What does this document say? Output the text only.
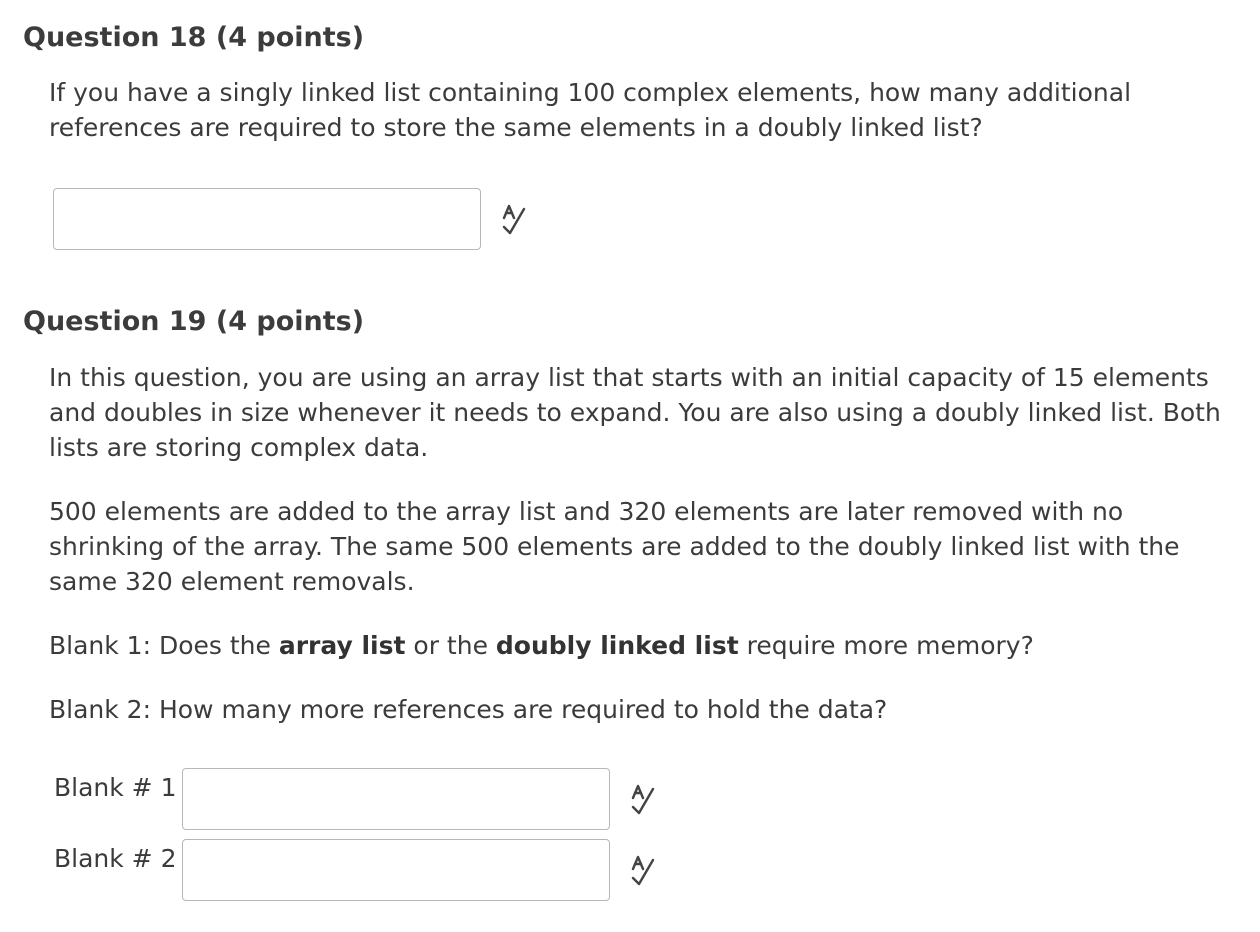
Question 18 (4 points)
If you have a singly linked list containing 100 complex elements, how many additional references are required to store the same elements in a doubly linked list?
Question 19 (4 points)

In this question, you are using an array list that starts with an initial capacity of 15 elements and doubles in size whenever it needs to expand. You are also using a doubly linked list. Both lists are storing complex data.

500 elements are added to the array list and 320 elements are later removed with no shrinking of the array. The same 500 elements are added to the doubly linked list with the same 320 element removals.

Blank 1: Does the array list or the doubly linked list require more memory?

Blank 2: How many more references are required to hold the data?

Blank # 1
Blank # 2
